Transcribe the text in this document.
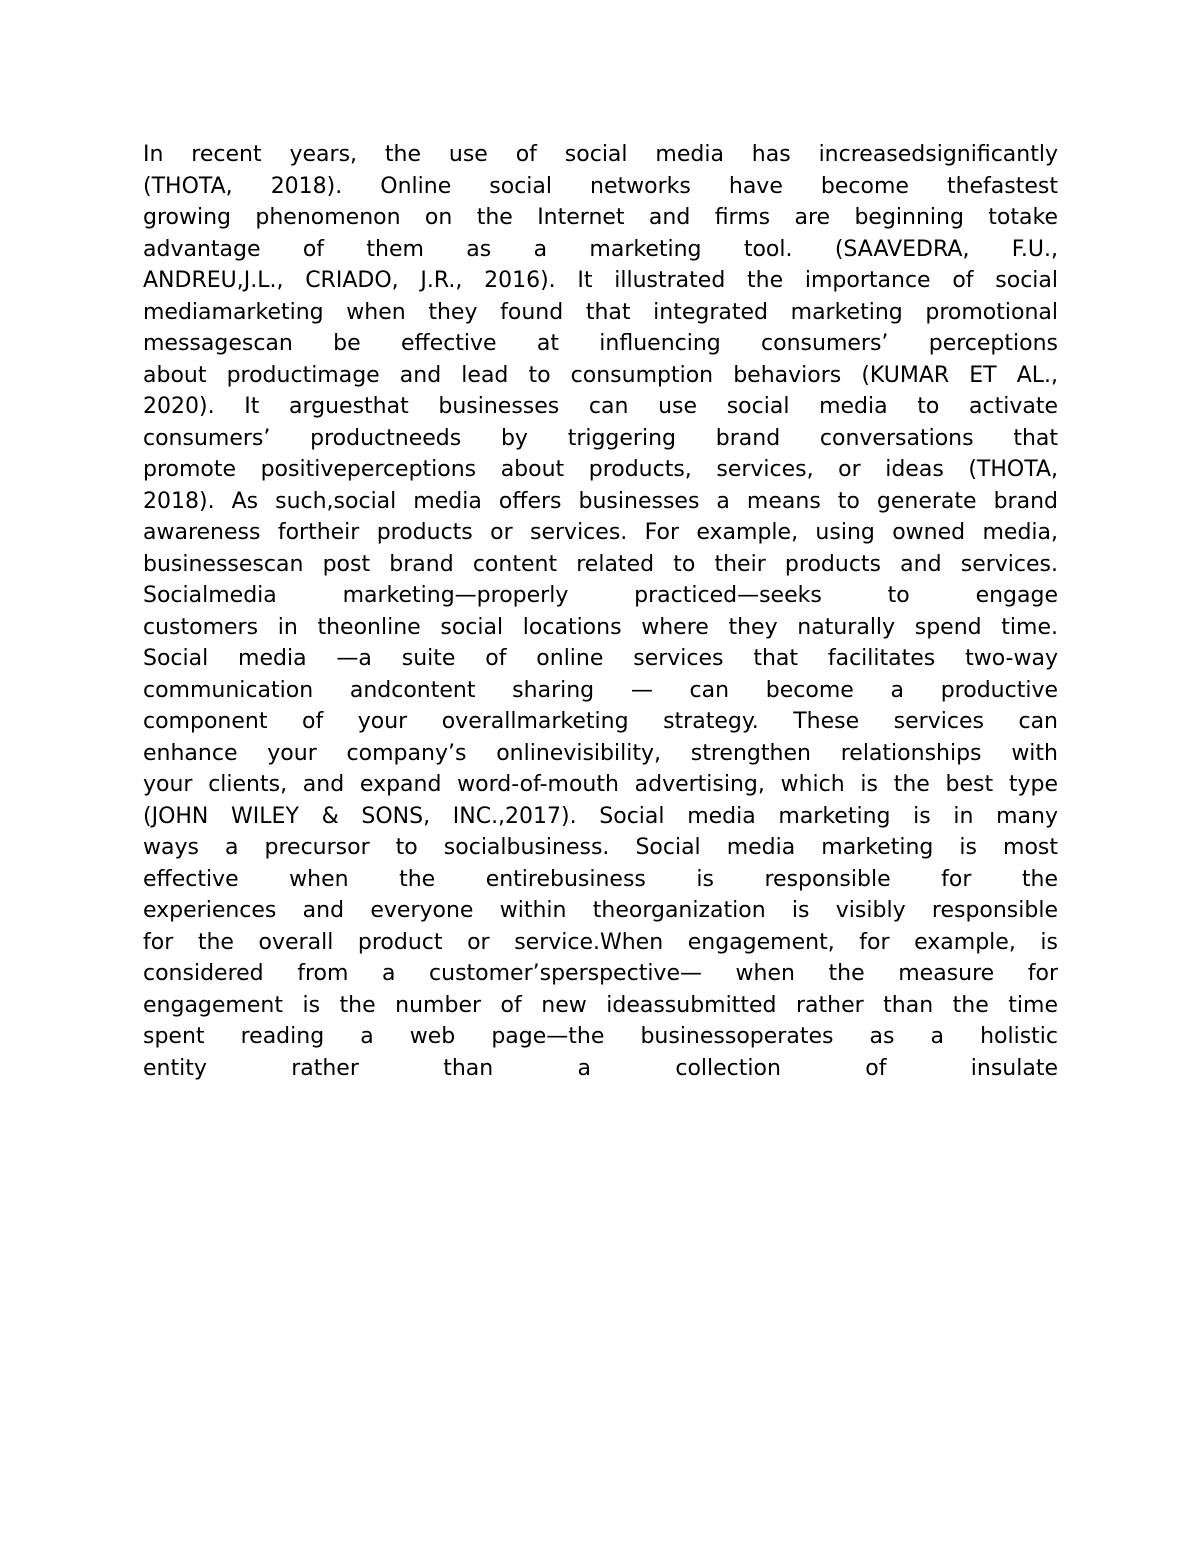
In recent years, the use of social media has increasedsignificantly
(THOTA, 2018). Online social networks have become thefastest
growing phenomenon on the Internet and firms are beginning totake
advantage of them as a marketing tool. (SAAVEDRA, F.U.,
ANDREU,J.L., CRIADO, J.R., 2016). It illustrated the importance of social
mediamarketing when they found that integrated marketing promotional
messagescan be effective at influencing consumers’ perceptions
about productimage and lead to consumption behaviors (KUMAR ET AL.,
2020). It arguesthat businesses can use social media to activate
consumers’ productneeds by triggering brand conversations that
promote positiveperceptions about products, services, or ideas (THOTA,
2018). As such,social media offers businesses a means to generate brand
awareness fortheir products or services. For example, using owned media,
businessescan post brand content related to their products and services.
Socialmedia marketing—properly practiced—seeks to engage
customers in theonline social locations where they naturally spend time.
Social media —a suite of online services that facilitates two-way
communication andcontent sharing — can become a productive
component of your overallmarketing strategy. These services can
enhance your company’s onlinevisibility, strengthen relationships with
your clients, and expand word-of-mouth advertising, which is the best type
(JOHN WILEY & SONS, INC.,2017). Social media marketing is in many
ways a precursor to socialbusiness. Social media marketing is most
effective when the entirebusiness is responsible for the
experiences and everyone within theorganization is visibly responsible
for the overall product or service.When engagement, for example, is
considered from a customer’sperspective— when the measure for
engagement is the number of new ideassubmitted rather than the time
spent reading a web page—the businessoperates as a holistic
entity rather than a collection of insulate
